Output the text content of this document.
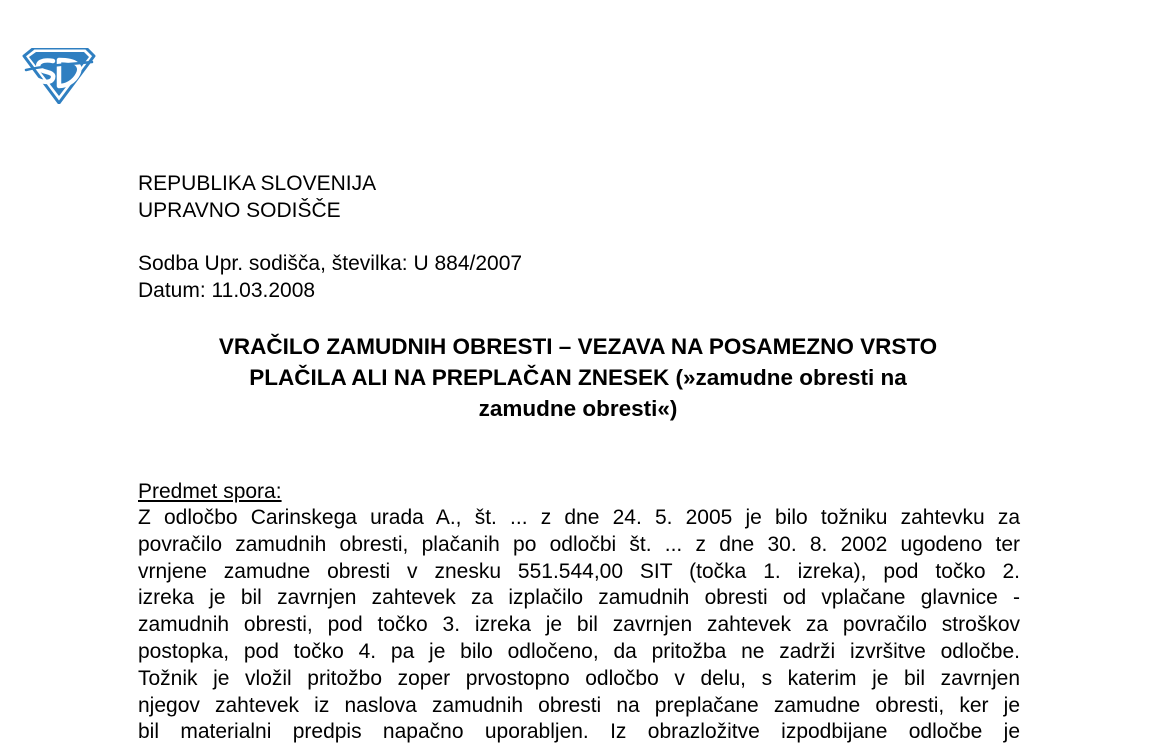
REPUBLIKA SLOVENIJA
UPRAVNO SODIŠČE
Sodba Upr. sodišča, številka: U 884/2007
Datum: 11.03.2008
VRAČILO ZAMUDNIH OBRESTI – VEZAVA NA POSAMEZNO VRSTO
PLAČILA ALI NA PREPLAČAN ZNESEK (»zamudne obresti na
zamudne obresti«)
Predmet spora:
Z odločbo Carinskega urada A., št. ... z dne 24. 5. 2005 je bilo tožniku zahtevku za
povračilo zamudnih obresti, plačanih po odločbi št. ... z dne 30. 8. 2002 ugodeno ter
vrnjene zamudne obresti v znesku 551.544,00 SIT (točka 1. izreka), pod točko 2.
izreka je bil zavrnjen zahtevek za izplačilo zamudnih obresti od vplačane glavnice -
zamudnih obresti, pod točko 3. izreka je bil zavrnjen zahtevek za povračilo stroškov
postopka, pod točko 4. pa je bilo odločeno, da pritožba ne zadrži izvršitve odločbe.
Tožnik je vložil pritožbo zoper prvostopno odločbo v delu, s katerim je bil zavrnjen
njegov zahtevek iz naslova zamudnih obresti na preplačane zamudne obresti, ker je
bil materialni predpis napačno uporabljen. Iz obrazložitve izpodbijane odločbe je
